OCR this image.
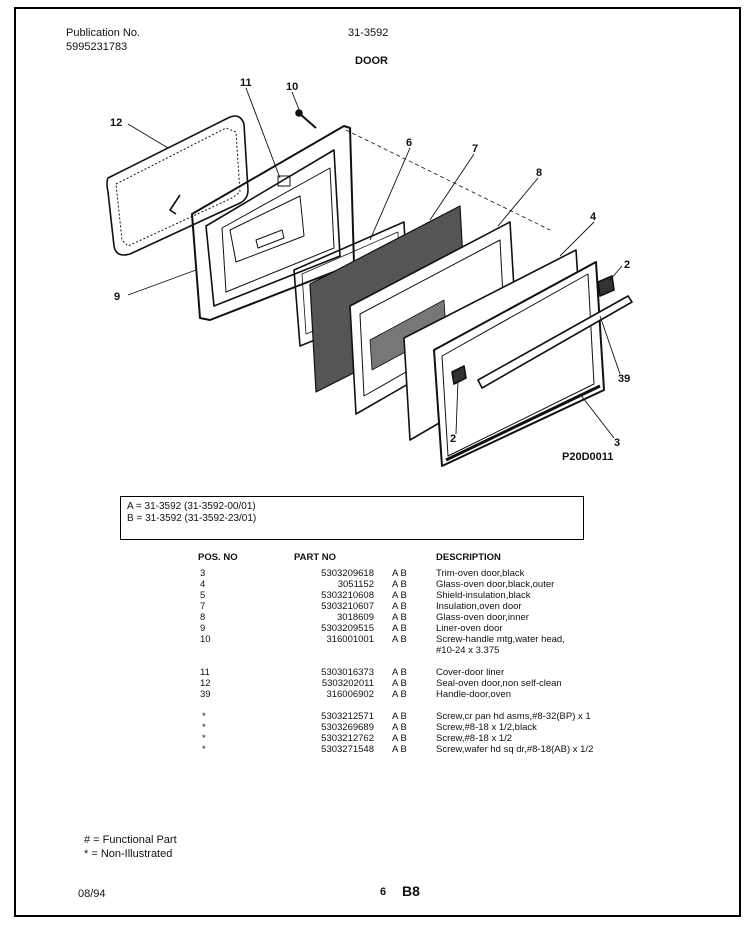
Publication No.
5995231783
31-3592
DOOR
12
11	10
9
6	7
8
4
2
39
3
2
P20D0011
A = 31-3592 (31-3592-00/01)
B = 31-3592 (31-3592-23/01)
POS. NO	PART NO		DESCRIPTION
3	5303209618	A B	Trim-oven door,black
4	3051152	A B	Glass-oven door,black,outer
5	5303210608	A B	Shield-insulation,black
7	5303210607	A B	Insulation,oven door
8	3018609	A B	Glass-oven door,inner
9	5303209515	A B	Liner-oven door
10	316001001	A B	Screw-handle mtg,water head,
			#10-24 x 3.375

11	5303016373	A B	Cover-door liner
12	5303202011	A B	Seal-oven door,non self-clean
39	316006902	A B	Handle-door,oven

*	5303212571	A B	Screw,cr pan hd asms,#8-32(BP) x 1
*	5303269689	A B	Screw,#8-18 x 1/2,black
*	5303212762	A B	Screw,#8-18 x 1/2
*	5303271548	A B	Screw,wafer hd sq dr,#8-18(AB) x 1/2
# = Functional Part
* = Non-Illustrated
08/94	6 B8
